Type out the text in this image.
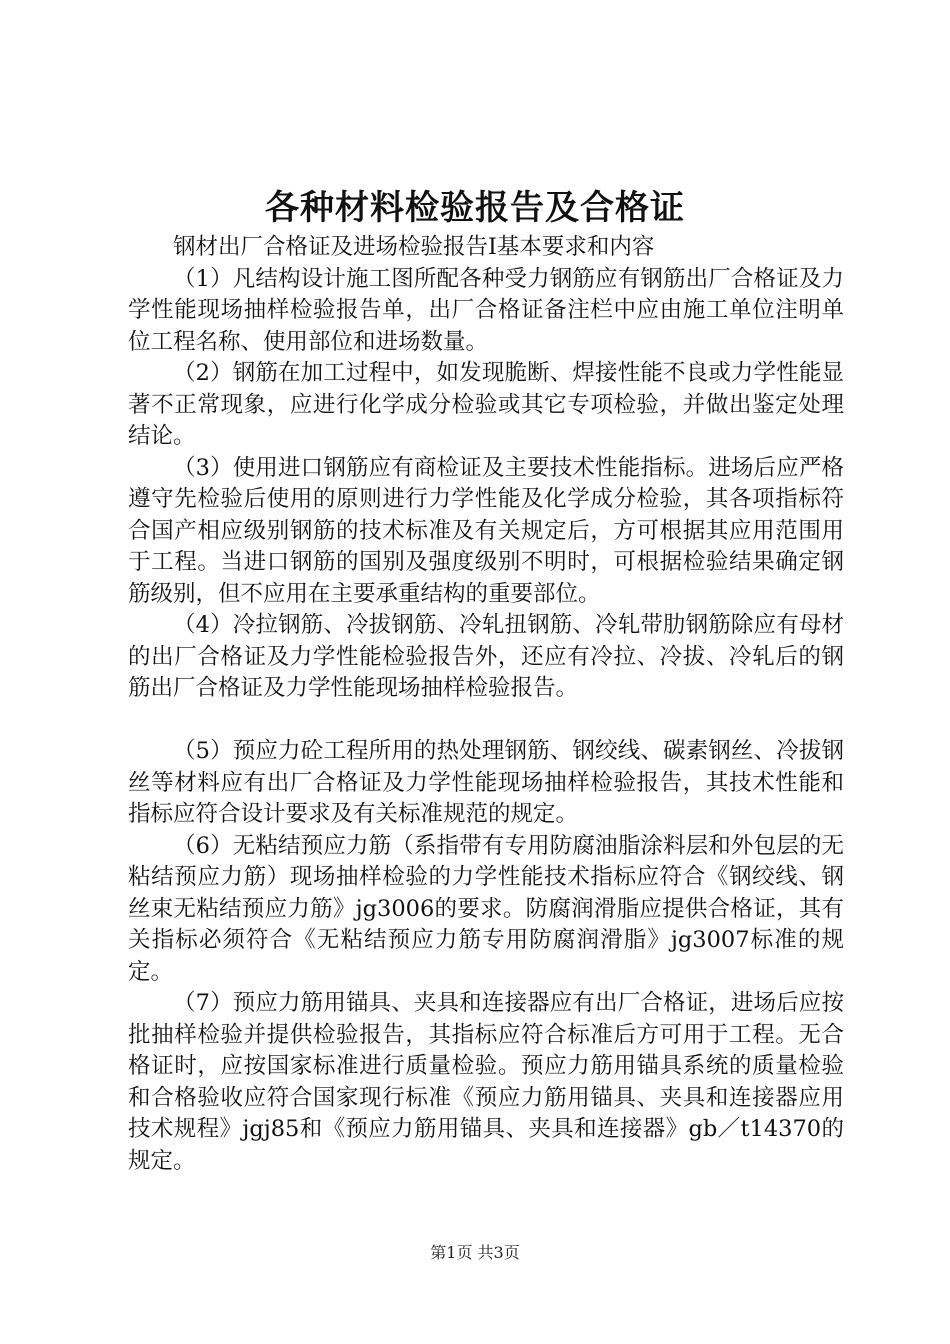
各种材料检验报告及合格证

钢材出厂合格证及进场检验报告Ⅰ基本要求和内容

（1）凡结构设计施工图所配各种受力钢筋应有钢筋出厂合格证及力学性能现场抽样检验报告单，出厂合格证备注栏中应由施工单位注明单位工程名称、使用部位和进场数量。

（2）钢筋在加工过程中，如发现脆断、焊接性能不良或力学性能显著不正常现象，应进行化学成分检验或其它专项检验，并做出鉴定处理结论。

（3）使用进口钢筋应有商检证及主要技术性能指标。进场后应严格遵守先检验后使用的原则进行力学性能及化学成分检验，其各项指标符合国产相应级别钢筋的技术标准及有关规定后，方可根据其应用范围用于工程。当进口钢筋的国别及强度级别不明时，可根据检验结果确定钢筋级别，但不应用在主要承重结构的重要部位。

（4）冷拉钢筋、冷拔钢筋、冷轧扭钢筋、冷轧带肋钢筋除应有母材的出厂合格证及力学性能检验报告外，还应有冷拉、冷拔、冷轧后的钢筋出厂合格证及力学性能现场抽样检验报告。

（5）预应力砼工程所用的热处理钢筋、钢绞线、碳素钢丝、冷拔钢丝等材料应有出厂合格证及力学性能现场抽样检验报告，其技术性能和指标应符合设计要求及有关标准规范的规定。

（6）无粘结预应力筋（系指带有专用防腐油脂涂料层和外包层的无粘结预应力筋）现场抽样检验的力学性能技术指标应符合《钢绞线、钢丝束无粘结预应力筋》jg3006的要求。防腐润滑脂应提供合格证，其有关指标必须符合《无粘结预应力筋专用防腐润滑脂》jg3007标准的规定。

（7）预应力筋用锚具、夹具和连接器应有出厂合格证，进场后应按批抽样检验并提供检验报告，其指标应符合标准后方可用于工程。无合格证时，应按国家标准进行质量检验。预应力筋用锚具系统的质量检验和合格验收应符合国家现行标准《预应力筋用锚具、夹具和连接器应用技术规程》jgj85和《预应力筋用锚具、夹具和连接器》gb／t14370的规定。

第1页 共3页
